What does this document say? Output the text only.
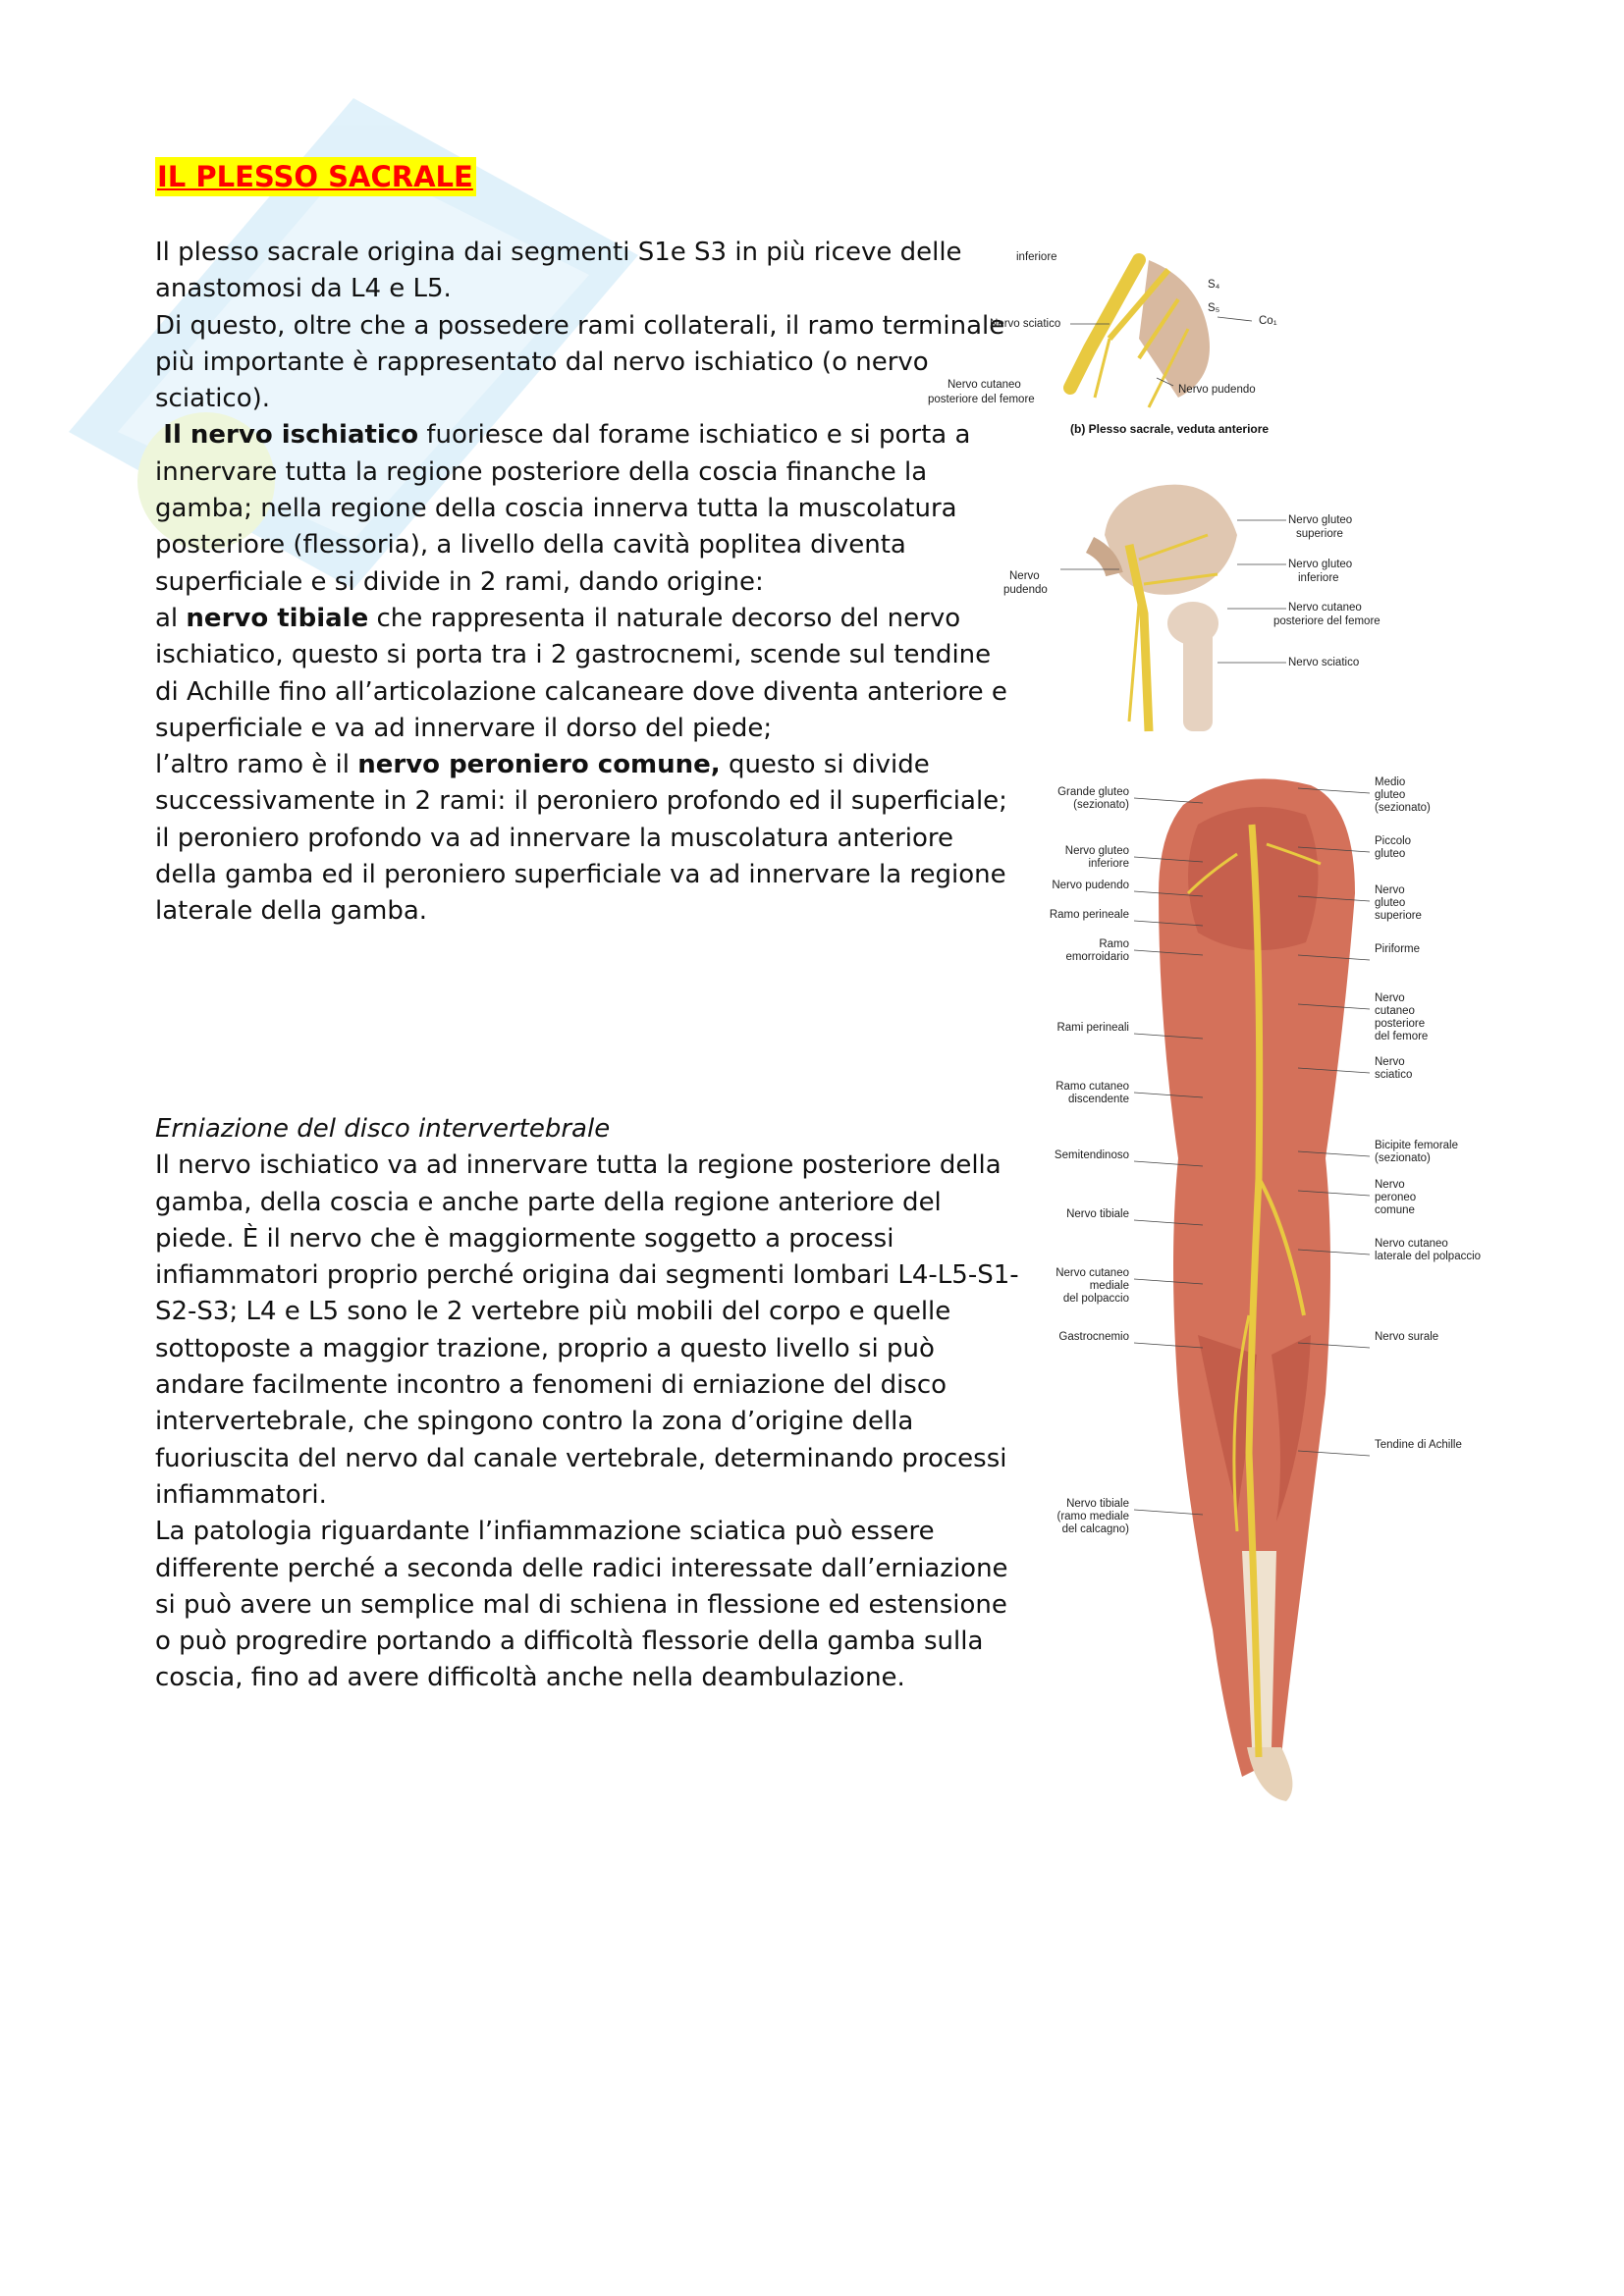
IL PLESSO SACRALE

Il plesso sacrale origina dai segmenti S1e S3 in più riceve delle anastomosi da L4 e L5.

Di questo, oltre che a possedere rami collaterali, il ramo terminale più importante è rappresentato dal nervo ischiatico (o nervo sciatico).

Il nervo ischiatico fuoriesce dal forame ischiatico e si porta a innervare tutta la regione posteriore della coscia finanche la gamba; nella regione della coscia innerva tutta la muscolatura posteriore (flessoria), a livello della cavità poplitea diventa superficiale e si divide in 2 rami, dando origine:

al nervo tibiale che rappresenta il naturale decorso del nervo ischiatico, questo si porta tra i 2 gastrocnemi, scende sul tendine di Achille fino all’articolazione calcaneare dove diventa anteriore e superficiale e va ad innervare il dorso del piede;

l’altro ramo è il nervo peroniero comune, questo si divide successivamente in 2 rami: il peroniero profondo ed il superficiale; il peroniero profondo va ad innervare la muscolatura anteriore della gamba ed il peroniero superficiale va ad innervare la regione laterale della gamba.

Erniazione del disco intervertebrale

Il nervo ischiatico va ad innervare tutta la regione posteriore della gamba, della coscia e anche parte della regione anteriore del piede. È il nervo che è maggiormente soggetto a processi infiammatori proprio perché origina dai segmenti lombari L4-L5-S1-S2-S3; L4 e L5 sono le 2 vertebre più mobili del corpo e quelle sottoposte a maggior trazione, proprio a questo livello si può andare facilmente incontro a fenomeni di erniazione del disco intervertebrale, che spingono contro la zona d’origine della fuoriuscita del nervo dal canale vertebrale, determinando processi infiammatori.

La patologia riguardante l’infiammazione sciatica può essere differente perché a seconda delle radici interessate dall’erniazione si può avere un semplice mal di schiena in flessione ed estensione o può progredire portando a difficoltà flessorie della gamba sulla coscia, fino ad avere difficoltà anche nella deambulazione.

inferiore
S₄
S₅
Co₁
Nervo sciatico
Nervo cutaneo
posteriore del femore
Nervo pudendo
(b) Plesso sacrale, veduta anteriore
Nervo
pudendo
Nervo gluteo
superiore
Nervo gluteo
inferiore
Nervo cutaneo
posteriore del femore
Nervo sciatico
Grande gluteo
(sezionato)
Nervo gluteo
inferiore
Nervo pudendo
Ramo perineale
Ramo
emorroidario
Rami perineali
Ramo cutaneo
discendente
Semitendinoso
Nervo tibiale
Nervo cutaneo
mediale
del polpaccio
Gastrocnemio
Nervo tibiale
(ramo mediale
del calcagno)
Medio
gluteo
(sezionato)
Piccolo
gluteo
Nervo
gluteo
superiore
Piriforme
Nervo
cutaneo
posteriore
del femore
Nervo
sciatico
Bicipite femorale
(sezionato)
Nervo
peroneo
comune
Nervo cutaneo
laterale del polpaccio
Nervo surale
Tendine di Achille
